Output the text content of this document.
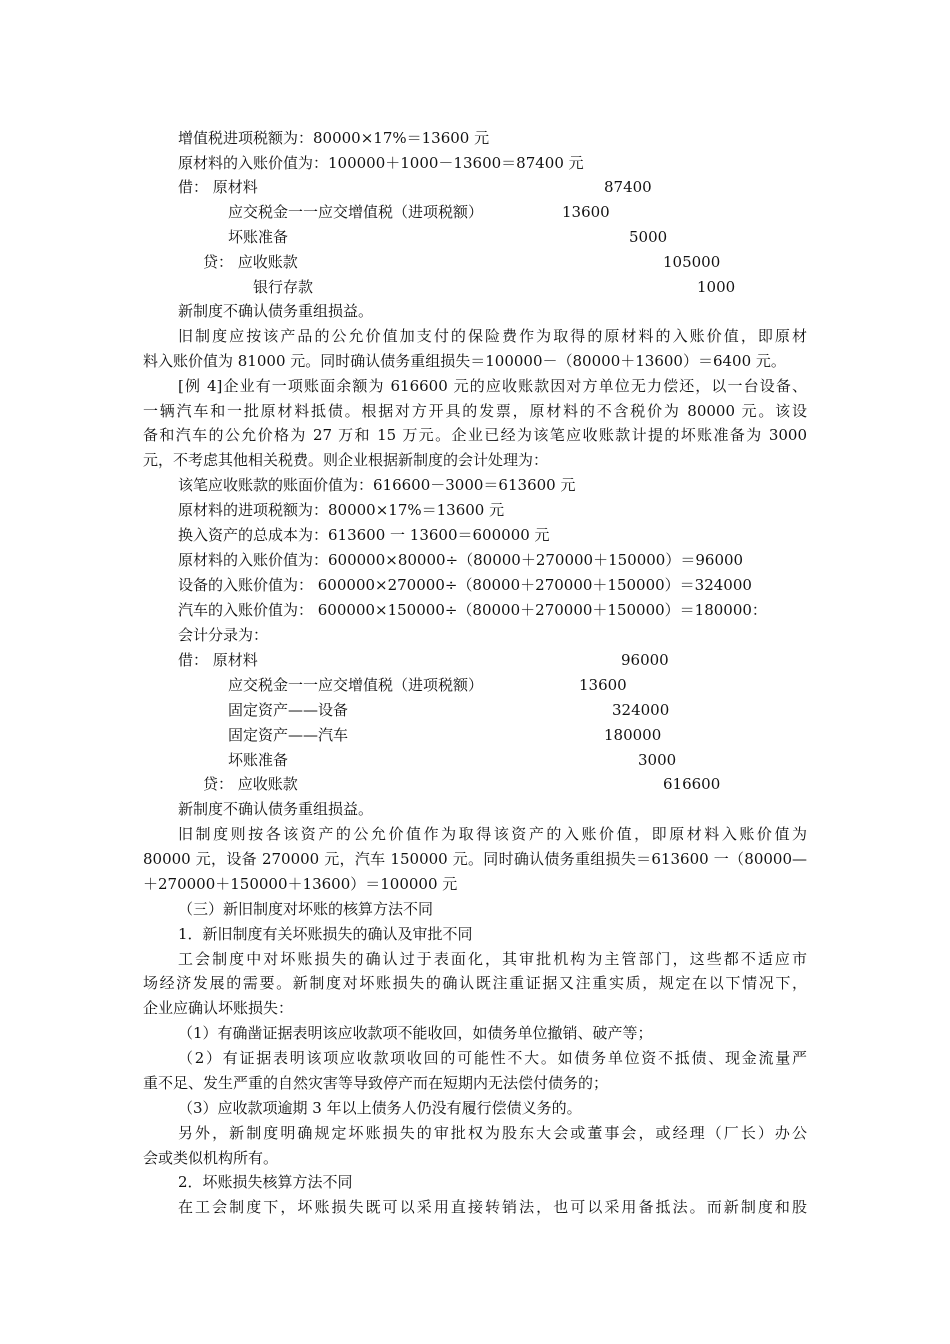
增值税进项税额为：80000×17%＝13600 元
原材料的入账价值为：100000＋1000－13600＝87400 元
借： 原材料	87400
应交税金一一应交增值税（进项税额）	13600
坏账准备	5000
贷： 应收账款	105000
银行存款	1000
新制度不确认债务重组损益。
旧制度应按该产品的公允价值加支付的保险费作为取得的原材料的入账价值，即原材
料入账价值为 81000 元。同时确认债务重组损失＝100000－（80000＋13600）＝6400 元。
[例 4]企业有一项账面余额为 616600 元的应收账款因对方单位无力偿还，以一台设备、
一辆汽车和一批原材料抵债。根据对方开具的发票，原材料的不含税价为 80000 元。该设
备和汽车的公允价格为 27 万和 15 万元。企业已经为该笔应收账款计提的坏账准备为 3000
元，不考虑其他相关税费。则企业根据新制度的会计处理为：
该笔应收账款的账面价值为：616600－3000＝613600 元
原材料的进项税额为：80000×17%＝13600 元
换入资产的总成本为：613600 一 13600＝600000 元
原材料的入账价值为：600000×80000÷（80000＋270000＋150000）＝96000
设备的入账价值为： 600000×270000÷（80000＋270000＋150000）＝324000
汽车的入账价值为： 600000×150000÷（80000＋270000＋150000）＝180000：
会计分录为：
借： 原材料	96000
应交税金一一应交增值税（进项税额）	13600
固定资产——设备	324000
固定资产——汽车	180000
坏账准备	3000
贷： 应收账款	616600
新制度不确认债务重组损益。
旧制度则按各该资产的公允价值作为取得该资产的入账价值，即原材料入账价值为
80000 元，设备 270000 元，汽车 150000 元。同时确认债务重组损失＝613600 一（80000—
＋270000＋150000＋13600）＝100000 元
（三）新旧制度对坏账的核算方法不同
1．新旧制度有关坏账损失的确认及审批不同
工会制度中对坏账损失的确认过于表面化，其审批机构为主管部门，这些都不适应市
场经济发展的需要。新制度对坏账损失的确认既注重证据又注重实质，规定在以下情况下，
企业应确认坏账损失：
（1）有确凿证据表明该应收款项不能收回，如债务单位撤销、破产等；
（2）有证据表明该项应收款项收回的可能性不大。如债务单位资不抵债、现金流量严
重不足、发生严重的自然灾害等导致停产而在短期内无法偿付债务的；
（3）应收款项逾期 3 年以上债务人仍没有履行偿债义务的。
另外，新制度明确规定坏账损失的审批权为股东大会或董事会，或经理（厂长）办公
会或类似机构所有。
2．坏账损失核算方法不同
在工会制度下，坏账损失既可以采用直接转销法，也可以采用备抵法。而新制度和股
